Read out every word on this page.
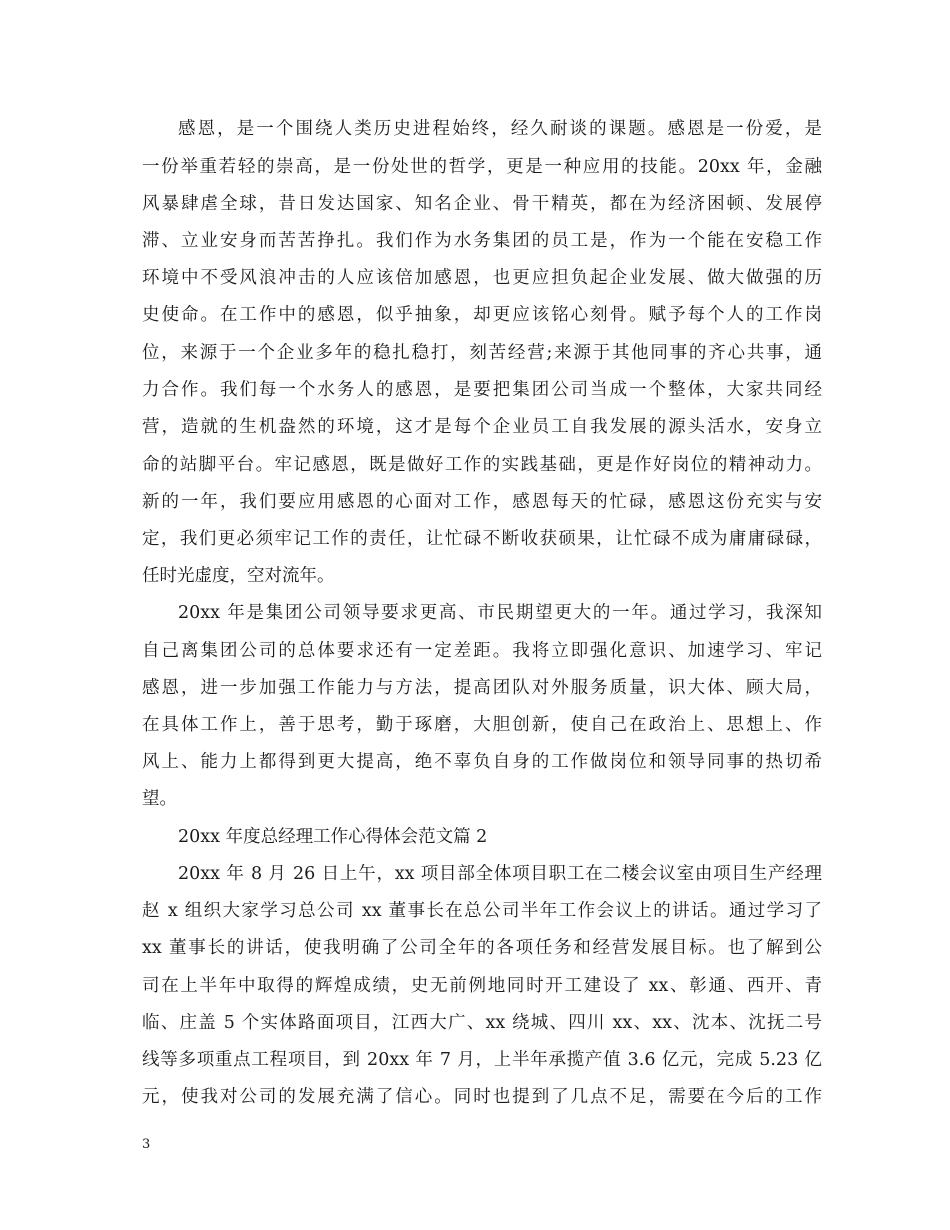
感恩，是一个围绕人类历史进程始终，经久耐谈的课题。感恩是一份爱，是
一份举重若轻的崇高，是一份处世的哲学，更是一种应用的技能。20xx 年，金融
风暴肆虐全球，昔日发达国家、知名企业、骨干精英，都在为经济困顿、发展停
滞、立业安身而苦苦挣扎。我们作为水务集团的员工是，作为一个能在安稳工作
环境中不受风浪冲击的人应该倍加感恩，也更应担负起企业发展、做大做强的历
史使命。在工作中的感恩，似乎抽象，却更应该铭心刻骨。赋予每个人的工作岗
位，来源于一个企业多年的稳扎稳打，刻苦经营;来源于其他同事的齐心共事，通
力合作。我们每一个水务人的感恩，是要把集团公司当成一个整体，大家共同经
营，造就的生机盎然的环境，这才是每个企业员工自我发展的源头活水，安身立
命的站脚平台。牢记感恩，既是做好工作的实践基础，更是作好岗位的精神动力。
新的一年，我们要应用感恩的心面对工作，感恩每天的忙碌，感恩这份充实与安
定，我们更必须牢记工作的责任，让忙碌不断收获硕果，让忙碌不成为庸庸碌碌，
任时光虚度，空对流年。
20xx 年是集团公司领导要求更高、市民期望更大的一年。通过学习，我深知
自己离集团公司的总体要求还有一定差距。我将立即强化意识、加速学习、牢记
感恩，进一步加强工作能力与方法，提高团队对外服务质量，识大体、顾大局，
在具体工作上，善于思考，勤于琢磨，大胆创新，使自己在政治上、思想上、作
风上、能力上都得到更大提高，绝不辜负自身的工作做岗位和领导同事的热切希
望。
20xx 年度总经理工作心得体会范文篇 2
20xx 年 8 月 26 日上午，xx 项目部全体项目职工在二楼会议室由项目生产经理
赵 x 组织大家学习总公司 xx 董事长在总公司半年工作会议上的讲话。通过学习了
xx 董事长的讲话，使我明确了公司全年的各项任务和经营发展目标。也了解到公
司在上半年中取得的辉煌成绩，史无前例地同时开工建设了 xx、彰通、西开、青
临、庄盖 5 个实体路面项目，江西大广、xx 绕城、四川 xx、xx、沈本、沈抚二号
线等多项重点工程项目，到 20xx 年 7 月，上半年承揽产值 3.6 亿元，完成 5.23 亿
元，使我对公司的发展充满了信心。同时也提到了几点不足，需要在今后的工作
3
